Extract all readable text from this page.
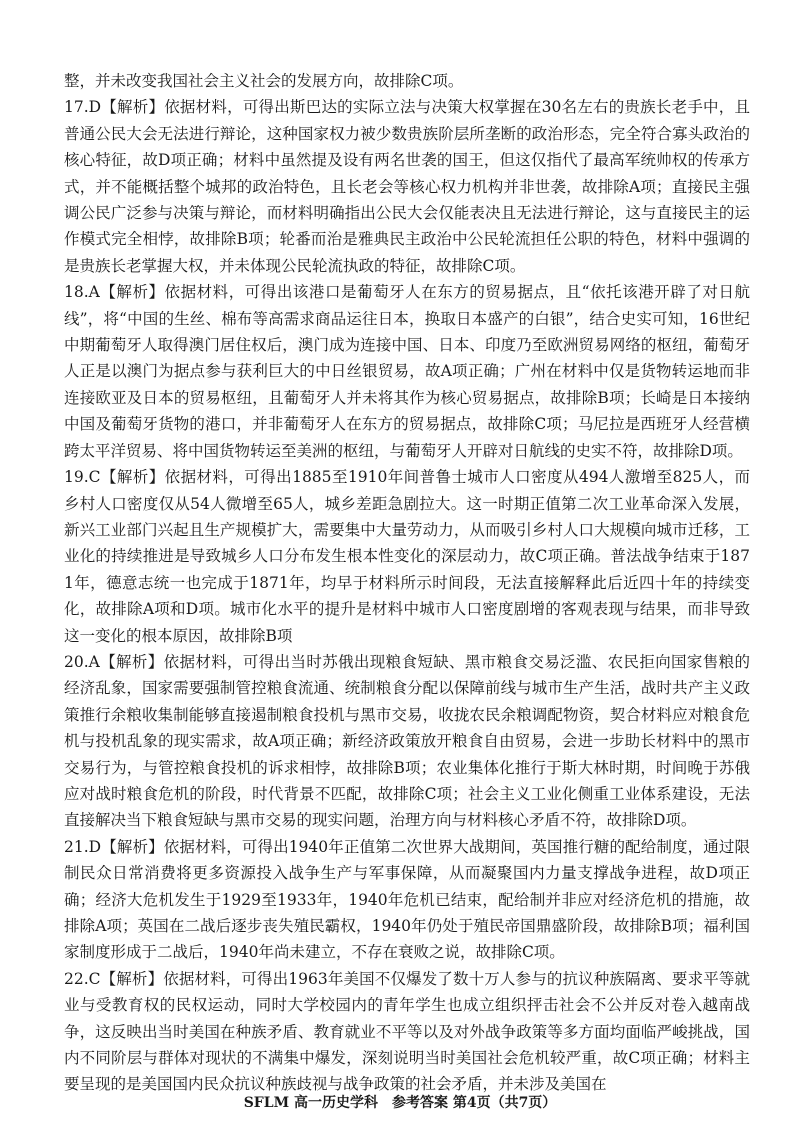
整，并未改变我国社会主义社会的发展方向，故排除C项。

17.D【解析】依据材料，可得出斯巴达的实际立法与决策大权掌握在30名左右的贵族长老手中，且普通公民大会无法进行辩论，这种国家权力被少数贵族阶层所垄断的政治形态，完全符合寡头政治的核心特征，故D项正确；材料中虽然提及设有两名世袭的国王，但这仅指代了最高军统帅权的传承方式，并不能概括整个城邦的政治特色，且长老会等核心权力机构并非世袭，故排除A项；直接民主强调公民广泛参与决策与辩论，而材料明确指出公民大会仅能表决且无法进行辩论，这与直接民主的运作模式完全相悖，故排除B项；轮番而治是雅典民主政治中公民轮流担任公职的特色，材料中强调的是贵族长老掌握大权，并未体现公民轮流执政的特征，故排除C项。

18.A【解析】依据材料，可得出该港口是葡萄牙人在东方的贸易据点，且“依托该港开辟了对日航线”，将“中国的生丝、棉布等高需求商品运往日本，换取日本盛产的白银”，结合史实可知，16世纪中期葡萄牙人取得澳门居住权后，澳门成为连接中国、日本、印度乃至欧洲贸易网络的枢纽，葡萄牙人正是以澳门为据点参与获利巨大的中日丝银贸易，故A项正确；广州在材料中仅是货物转运地而非连接欧亚及日本的贸易枢纽，且葡萄牙人并未将其作为核心贸易据点，故排除B项；长崎是日本接纳中国及葡萄牙货物的港口，并非葡萄牙人在东方的贸易据点，故排除C项；马尼拉是西班牙人经营横跨太平洋贸易、将中国货物转运至美洲的枢纽，与葡萄牙人开辟对日航线的史实不符，故排除D项。

19.C【解析】依据材料，可得出1885至1910年间普鲁士城市人口密度从494人激增至825人，而乡村人口密度仅从54人微增至65人，城乡差距急剧拉大。这一时期正值第二次工业革命深入发展，新兴工业部门兴起且生产规模扩大，需要集中大量劳动力，从而吸引乡村人口大规模向城市迁移，工业化的持续推进是导致城乡人口分布发生根本性变化的深层动力，故C项正确。普法战争结束于1871年，德意志统一也完成于1871年，均早于材料所示时间段，无法直接解释此后近四十年的持续变化，故排除A项和D项。城市化水平的提升是材料中城市人口密度剧增的客观表现与结果，而非导致这一变化的根本原因，故排除B项

20.A【解析】依据材料，可得出当时苏俄出现粮食短缺、黑市粮食交易泛滥、农民拒向国家售粮的经济乱象，国家需要强制管控粮食流通、统制粮食分配以保障前线与城市生产生活，战时共产主义政策推行余粮收集制能够直接遏制粮食投机与黑市交易，收拢农民余粮调配物资，契合材料应对粮食危机与投机乱象的现实需求，故A项正确；新经济政策放开粮食自由贸易，会进一步助长材料中的黑市交易行为，与管控粮食投机的诉求相悖，故排除B项；农业集体化推行于斯大林时期，时间晚于苏俄应对战时粮食危机的阶段，时代背景不匹配，故排除C项；社会主义工业化侧重工业体系建设，无法直接解决当下粮食短缺与黑市交易的现实问题，治理方向与材料核心矛盾不符，故排除D项。

21.D【解析】依据材料，可得出1940年正值第二次世界大战期间，英国推行糖的配给制度，通过限制民众日常消费将更多资源投入战争生产与军事保障，从而凝聚国内力量支撑战争进程，故D项正确；经济大危机发生于1929至1933年，1940年危机已结束，配给制并非应对经济危机的措施，故排除A项；英国在二战后逐步丧失殖民霸权，1940年仍处于殖民帝国鼎盛阶段，故排除B项；福利国家制度形成于二战后，1940年尚未建立，不存在衰败之说，故排除C项。

22.C【解析】依据材料，可得出1963年美国不仅爆发了数十万人参与的抗议种族隔离、要求平等就业与受教育权的民权运动，同时大学校园内的青年学生也成立组织抨击社会不公并反对卷入越南战争，这反映出当时美国在种族矛盾、教育就业不平等以及对外战争政策等多方面均面临严峻挑战，国内不同阶层与群体对现状的不满集中爆发，深刻说明当时美国社会危机较严重，故C项正确；材料主要呈现的是美国国内民众抗议种族歧视与战争政策的社会矛盾，并未涉及美国在

SFLM 高一历史学科　参考答案 第4页（共7页）
